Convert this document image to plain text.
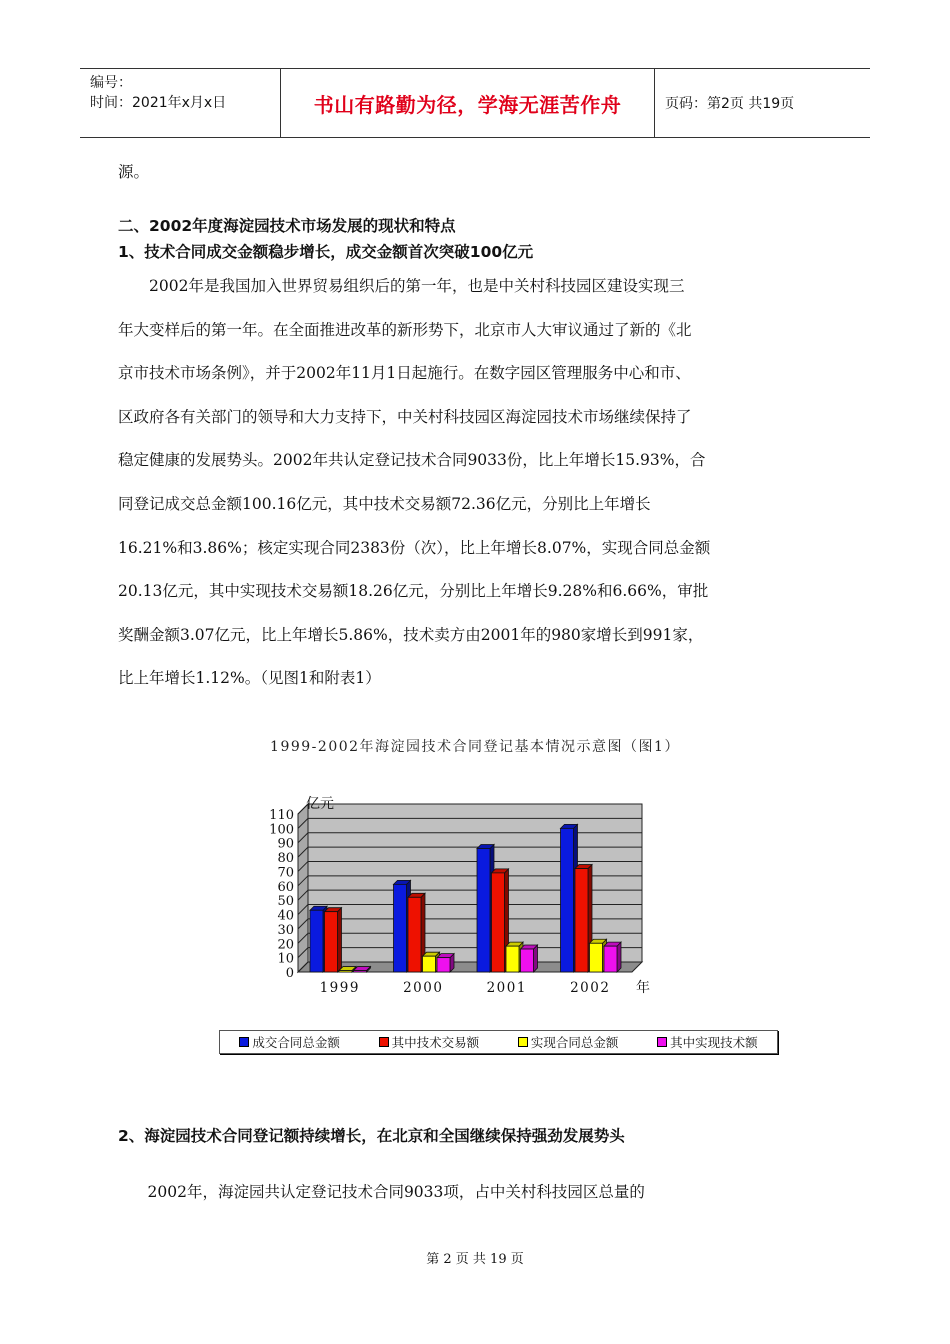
编号：
时间：2021年x月x日	书山有路勤为径，学海无涯苦作舟	页码：第2页 共19页
源。
二、2002年度海淀园技术市场发展的现状和特点
1、技术合同成交金额稳步增长，成交金额首次突破100亿元
　　2002年是我国加入世界贸易组织后的第一年，也是中关村科技园区建设实现三
年大变样后的第一年。在全面推进改革的新形势下，北京市人大审议通过了新的《北
京市技术市场条例》，并于2002年11月1日起施行。在数字园区管理服务中心和市、
区政府各有关部门的领导和大力支持下，中关村科技园区海淀园技术市场继续保持了
稳定健康的发展势头。2002年共认定登记技术合同9033份，比上年增长15.93%，合
同登记成交总金额100.16亿元，其中技术交易额72.36亿元，分别比上年增长
16.21%和3.86%；核定实现合同2383份（次），比上年增长8.07%，实现合同总金额
20.13亿元，其中实现技术交易额18.26亿元，分别比上年增长9.28%和6.66%，审批
奖酬金额3.07亿元，比上年增长5.86%，技术卖方由2001年的980家增长到991家，
比上年增长1.12%。（见图1和附表1）
1999-2002年海淀园技术合同登记基本情况示意图（图1）
0
10
20
30
40
50
60
70
80
90
100
110
亿元
1999	2000	2001	2002 年
成交合同总金额	其中技术交易额	实现合同总金额	其中实现技术额
2、海淀园技术合同登记额持续增长，在北京和全国继续保持强劲发展势头
　2002年，海淀园共认定登记技术合同9033项，占中关村科技园区总量的
第 2 页 共 19 页
